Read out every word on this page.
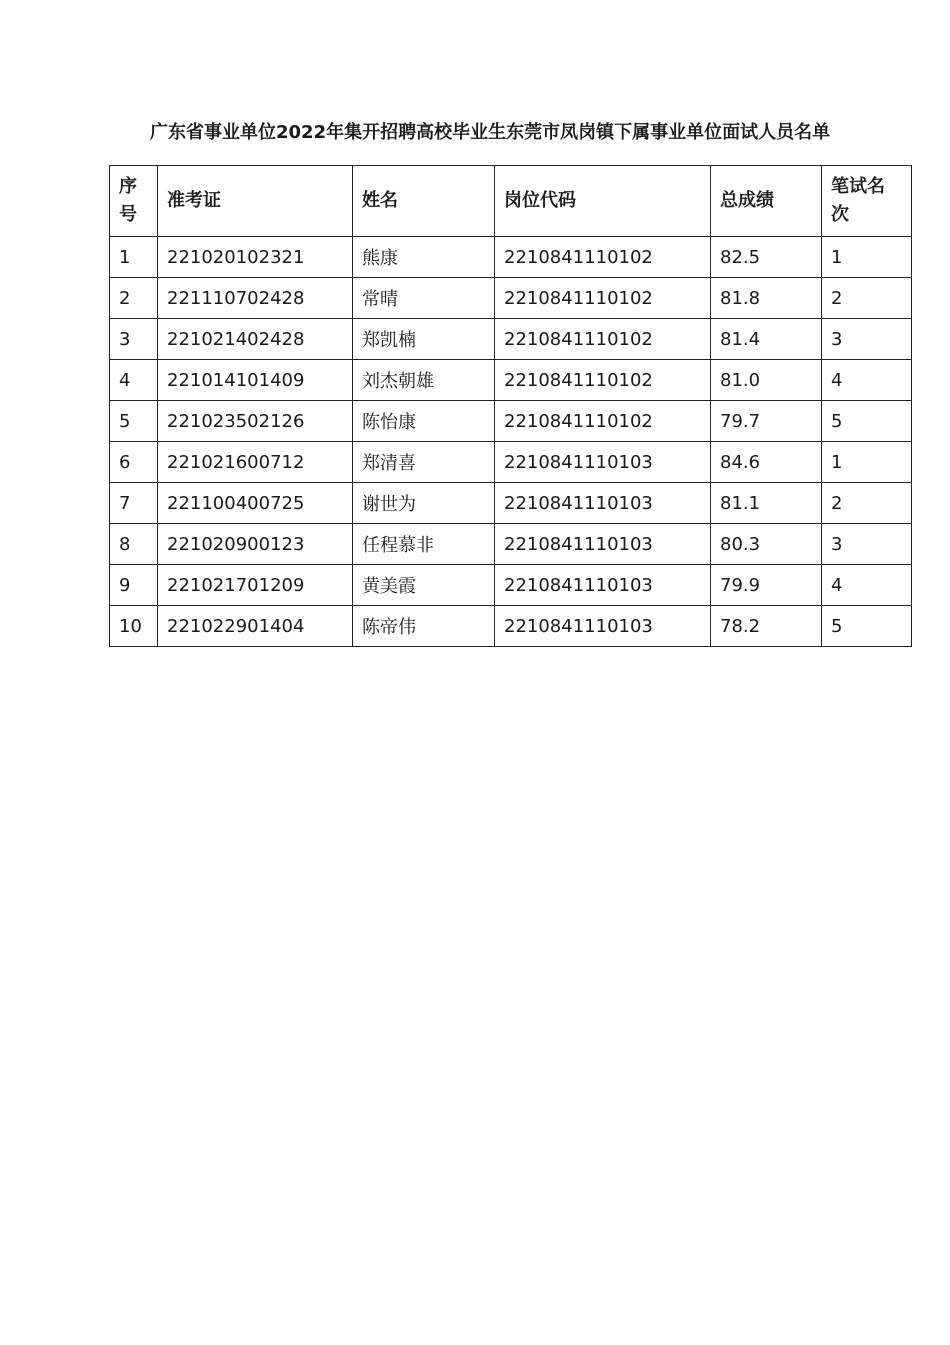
广东省事业单位2022年集开招聘高校毕业生东莞市凤岗镇下属事业单位面试人员名单
序号	准考证	姓名	岗位代码	总成绩	笔试名次
1	221020102321	熊康	2210841110102	82.5	1
2	221110702428	常晴	2210841110102	81.8	2
3	221021402428	郑凯楠	2210841110102	81.4	3
4	221014101409	刘杰朝雄	2210841110102	81.0	4
5	221023502126	陈怡康	2210841110102	79.7	5
6	221021600712	郑清喜	2210841110103	84.6	1
7	221100400725	谢世为	2210841110103	81.1	2
8	221020900123	任程慕非	2210841110103	80.3	3
9	221021701209	黄美霞	2210841110103	79.9	4
10	221022901404	陈帝伟	2210841110103	78.2	5
